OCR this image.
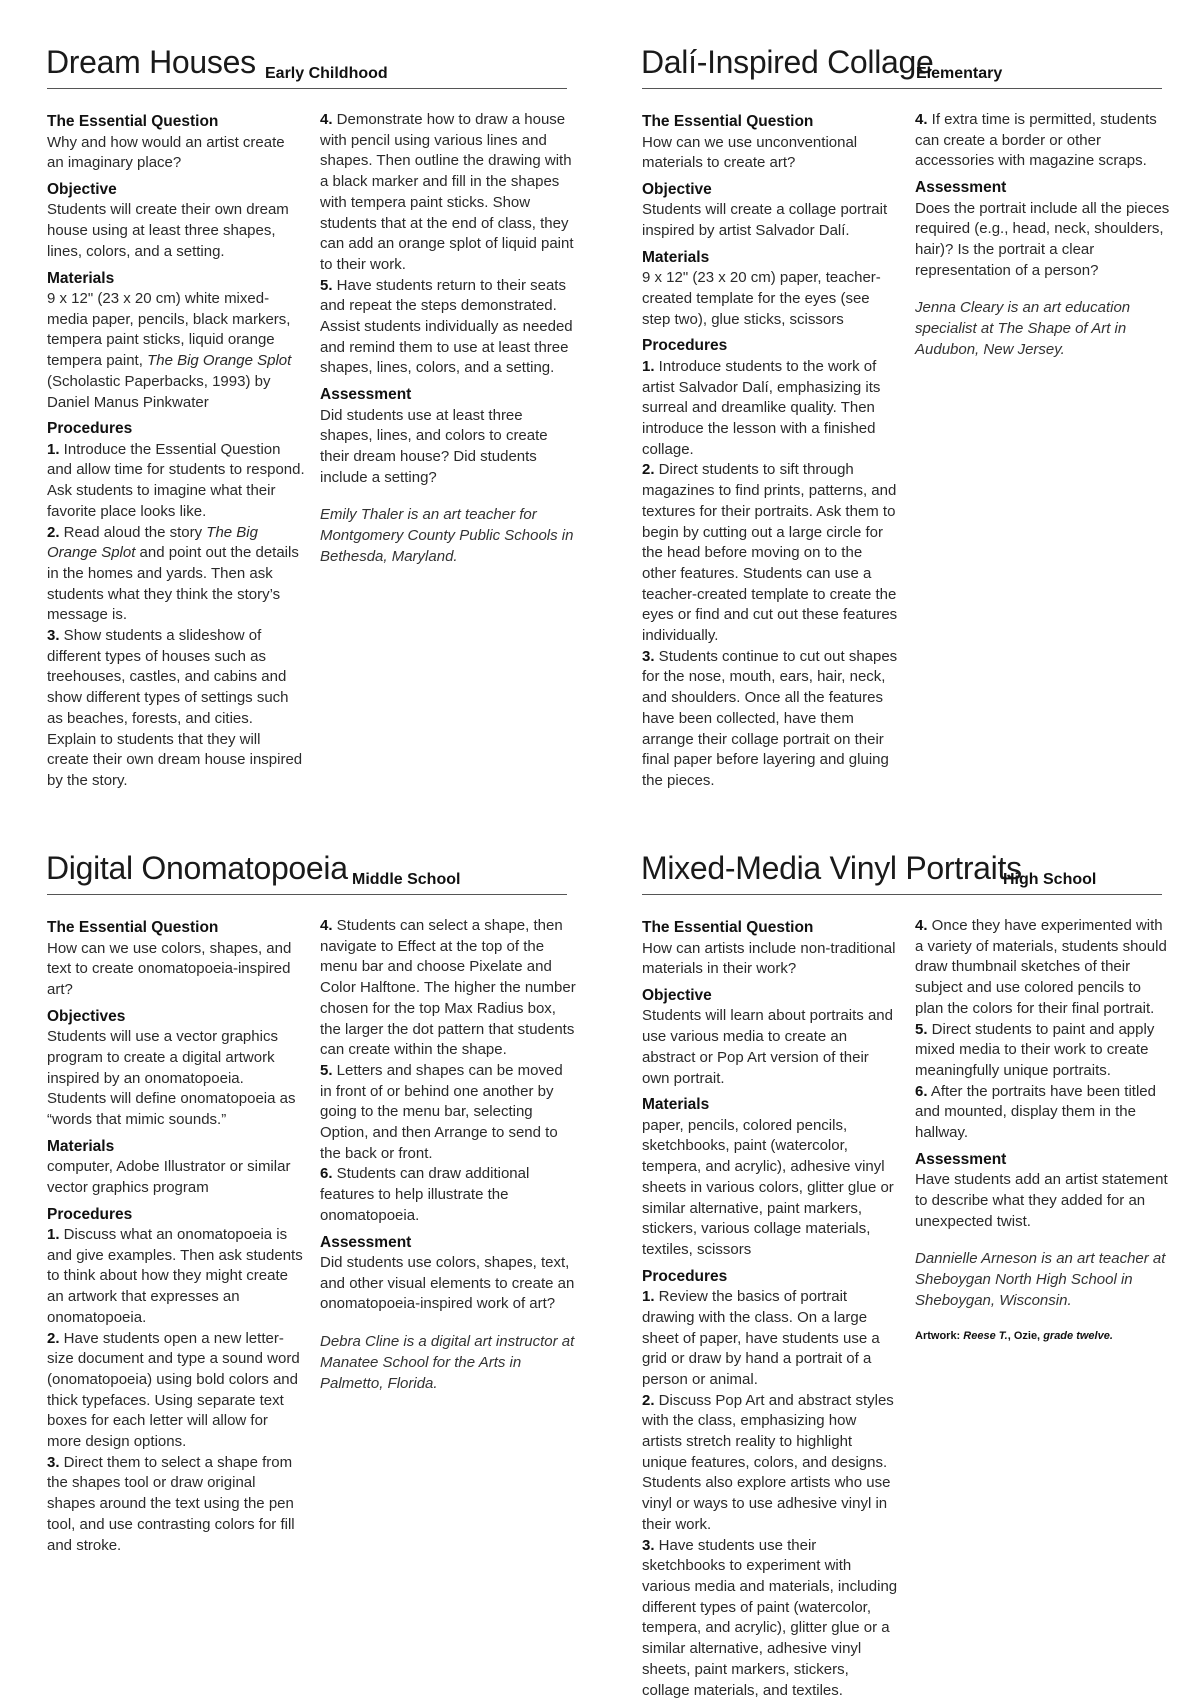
Dream Houses Early Childhood

The Essential Question

Why and how would an artist create an imaginary place?

Objective

Students will create their own dream house using at least three shapes, lines, colors, and a setting.

Materials

9 x 12" (23 x 20 cm) white mixed-media paper, pencils, black markers, tempera paint sticks, liquid orange tempera paint, The Big Orange Splot (Scholastic Paperbacks, 1993) by Daniel Manus Pinkwater

Procedures

1. Introduce the Essential Question and allow time for students to respond. Ask students to imagine what their favorite place looks like.

2. Read aloud the story The Big Orange Splot and point out the details in the homes and yards. Then ask students what they think the story’s message is.

3. Show students a slideshow of different types of houses such as treehouses, castles, and cabins and show different types of settings such as beaches, forests, and cities. Explain to students that they will create their own dream house inspired by the story.

4. Demonstrate how to draw a house with pencil using various lines and shapes. Then outline the drawing with a black marker and fill in the shapes with tempera paint sticks. Show students that at the end of class, they can add an orange splot of liquid paint to their work.

5. Have students return to their seats and repeat the steps demonstrated. Assist students individually as needed and remind them to use at least three shapes, lines, colors, and a setting.

Assessment

Did students use at least three shapes, lines, and colors to create their dream house? Did students include a setting?

Emily Thaler is an art teacher for Montgomery County Public Schools in Bethesda, Maryland.

Dalí-Inspired Collage
Elementary

The Essential Question

How can we use unconventional materials to create art?

Objective

Students will create a collage portrait inspired by artist Salvador Dalí.

Materials

9 x 12" (23 x 20 cm) paper, teacher-created template for the eyes (see step two), glue sticks, scissors

Procedures

1. Introduce students to the work of artist Salvador Dalí, emphasizing its surreal and dreamlike quality. Then introduce the lesson with a finished collage.

2. Direct students to sift through magazines to find prints, patterns, and textures for their portraits. Ask them to begin by cutting out a large circle for the head before moving on to the other features. Students can use a teacher-created template to create the eyes or find and cut out these features individually.

3. Students continue to cut out shapes for the nose, mouth, ears, hair, neck, and shoulders. Once all the features have been collected, have them arrange their collage portrait on their final paper before layering and gluing the pieces.

4. If extra time is permitted, students can create a border or other accessories with magazine scraps.

Assessment

Does the portrait include all the pieces required (e.g., head, neck, shoulders, hair)? Is the portrait a clear representation of a person?

Jenna Cleary is an art education specialist at The Shape of Art in Audubon, New Jersey.

Digital Onomatopoeia Middle School

The Essential Question

How can we use colors, shapes, and text to create onomatopoeia-inspired art?

Objectives

Students will use a vector graphics program to create a digital artwork inspired by an onomatopoeia. Students will define onomatopoeia as “words that mimic sounds.”

Materials

computer, Adobe Illustrator or similar vector graphics program

Procedures

1. Discuss what an onomatopoeia is and give examples. Then ask students to think about how they might create an artwork that expresses an onomatopoeia.

2. Have students open a new letter-size document and type a sound word (onomatopoeia) using bold colors and thick typefaces. Using separate text boxes for each letter will allow for more design options.

3. Direct them to select a shape from the shapes tool or draw original shapes around the text using the pen tool, and use contrasting colors for fill and stroke.

4. Students can select a shape, then navigate to Effect at the top of the menu bar and choose Pixelate and Color Halftone. The higher the number chosen for the top Max Radius box, the larger the dot pattern that students can create within the shape.

5. Letters and shapes can be moved in front of or behind one another by going to the menu bar, selecting Option, and then Arrange to send to the back or front.

6. Students can draw additional features to help illustrate the onomatopoeia.

Assessment

Did students use colors, shapes, text, and other visual elements to create an onomatopoeia-inspired work of art?

Debra Cline is a digital art instructor at Manatee School for the Arts in Palmetto, Florida.

Mixed-Media Vinyl Portraits
High School

The Essential Question

How can artists include non-traditional materials in their work?

Objective

Students will learn about portraits and use various media to create an abstract or Pop Art version of their own portrait.

Materials

paper, pencils, colored pencils, sketchbooks, paint (watercolor, tempera, and acrylic), adhesive vinyl sheets in various colors, glitter glue or similar alternative, paint markers, stickers, various collage materials, textiles, scissors

Procedures

1. Review the basics of portrait drawing with the class. On a large sheet of paper, have students use a grid or draw by hand a portrait of a person or animal.

2. Discuss Pop Art and abstract styles with the class, emphasizing how artists stretch reality to highlight unique features, colors, and designs. Students also explore artists who use vinyl or ways to use adhesive vinyl in their work.

3. Have students use their sketchbooks to experiment with various media and materials, including different types of paint (watercolor, tempera, and acrylic), glitter glue or a similar alternative, adhesive vinyl sheets, paint markers, stickers, collage materials, and textiles.

4. Once they have experimented with a variety of materials, students should draw thumbnail sketches of their subject and use colored pencils to plan the colors for their final portrait.

5. Direct students to paint and apply mixed media to their work to create meaningfully unique portraits.

6. After the portraits have been titled and mounted, display them in the hallway.

Assessment

Have students add an artist statement to describe what they added for an unexpected twist.

Dannielle Arneson is an art teacher at Sheboygan North High School in Sheboygan, Wisconsin.

Artwork: Reese T., Ozie, grade twelve.
